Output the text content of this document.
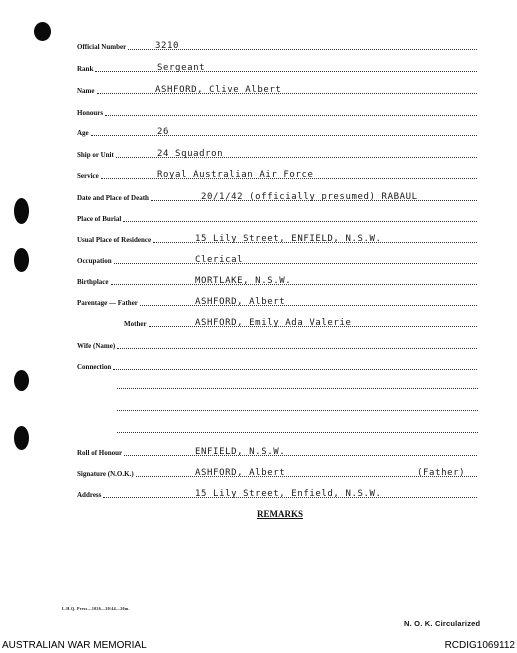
Official Number	3210
Rank	Sergeant
Name	ASHFORD, Clive Albert
Honours
Age	26
Ship or Unit	24 Squadron
Service	Royal Australian Air Force
Date and Place of Death	20/1/42 (officially presumed) RABAUL
Place of Burial
Usual Place of Residence	15 Lily Street, ENFIELD, N.S.W.
Occupation	Clerical
Birthplace	MORTLAKE, N.S.W.
Parentage — Father	ASHFORD, Albert
Mother	ASHFORD, Emily Ada Valerie
Wife (Name)
Connection
Roll of Honour	ENFIELD, N.S.W.
Signature (N.O.K.)	ASHFORD, Albert	(Father)
Address	15 Lily Street, Enfield, N.S.W.
REMARKS
L.H.Q. Press—1026—20/44—20m.
N. O. K. Circularized
AUSTRALIAN WAR MEMORIAL	RCDIG1069112
